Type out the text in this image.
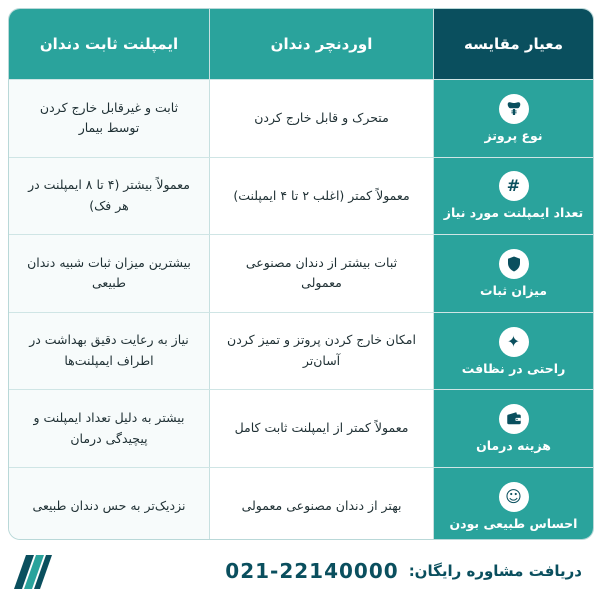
معیار مقایسه
اوردنچر دندان
ایمپلنت ثابت دندان
نوع پروتز
متحرک و قابل خارج کردن
ثابت و غیرقابل خارج کردن توسط بیمار
#
تعداد ایمپلنت مورد نیاز
معمولاً کمتر (اغلب ۲ تا ۴ ایمپلنت)
معمولاً بیشتر (۴ تا ۸ ایمپلنت در هر فک)
میزان ثبات
ثبات بیشتر از دندان مصنوعی معمولی
بیشترین میزان ثبات شبیه دندان طبیعی
✦
راحتی در نظافت
امکان خارج کردن پروتز و تمیز کردن آسان‌تر
نیاز به رعایت دقیق بهداشت در اطراف ایمپلنت‌ها
هزینه درمان
معمولاً کمتر از ایمپلنت ثابت کامل
بیشتر به دلیل تعداد ایمپلنت و پیچیدگی درمان
☺
احساس طبیعی بودن
بهتر از دندان مصنوعی معمولی
نزدیک‌تر به حس دندان طبیعی
دریافت مشاوره رایگان:
021-22140000
